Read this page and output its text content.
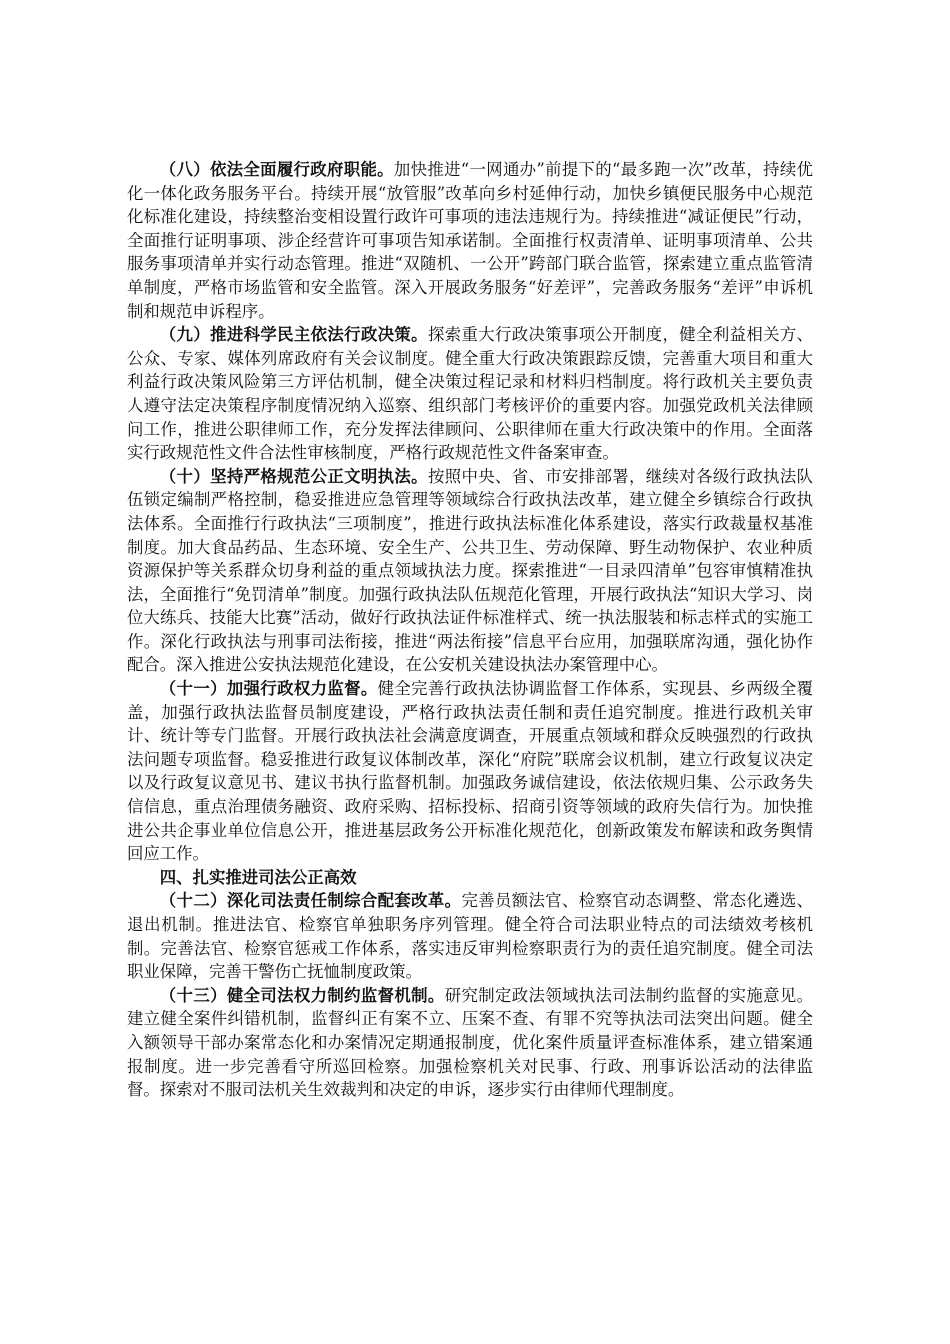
（八）依法全面履行政府职能。加快推进“一网通办”前提下的“最多跑一次”改革，持续优化一体化政务服务平台。持续开展“放管服”改革向乡村延伸行动，加快乡镇便民服务中心规范化标准化建设，持续整治变相设置行政许可事项的违法违规行为。持续推进“减证便民”行动，全面推行证明事项、涉企经营许可事项告知承诺制。全面推行权责清单、证明事项清单、公共服务事项清单并实行动态管理。推进“双随机、一公开”跨部门联合监管，探索建立重点监管清单制度，严格市场监管和安全监管。深入开展政务服务“好差评”，完善政务服务“差评”申诉机制和规范申诉程序。

（九）推进科学民主依法行政决策。探索重大行政决策事项公开制度，健全利益相关方、公众、专家、媒体列席政府有关会议制度。健全重大行政决策跟踪反馈，完善重大项目和重大利益行政决策风险第三方评估机制，健全决策过程记录和材料归档制度。将行政机关主要负责人遵守法定决策程序制度情况纳入巡察、组织部门考核评价的重要内容。加强党政机关法律顾问工作，推进公职律师工作，充分发挥法律顾问、公职律师在重大行政决策中的作用。全面落实行政规范性文件合法性审核制度，严格行政规范性文件备案审查。

（十）坚持严格规范公正文明执法。按照中央、省、市安排部署，继续对各级行政执法队伍锁定编制严格控制，稳妥推进应急管理等领域综合行政执法改革，建立健全乡镇综合行政执法体系。全面推行行政执法“三项制度”，推进行政执法标准化体系建设，落实行政裁量权基准制度。加大食品药品、生态环境、安全生产、公共卫生、劳动保障、野生动物保护、农业种质资源保护等关系群众切身利益的重点领域执法力度。探索推进“一目录四清单”包容审慎精准执法，全面推行“免罚清单”制度。加强行政执法队伍规范化管理，开展行政执法“知识大学习、岗位大练兵、技能大比赛”活动，做好行政执法证件标准样式、统一执法服装和标志样式的实施工作。深化行政执法与刑事司法衔接，推进“两法衔接”信息平台应用，加强联席沟通，强化协作配合。深入推进公安执法规范化建设，在公安机关建设执法办案管理中心。

（十一）加强行政权力监督。健全完善行政执法协调监督工作体系，实现县、乡两级全覆盖，加强行政执法监督员制度建设，严格行政执法责任制和责任追究制度。推进行政机关审计、统计等专门监督。开展行政执法社会满意度调查，开展重点领域和群众反映强烈的行政执法问题专项监督。稳妥推进行政复议体制改革，深化“府院”联席会议机制，建立行政复议决定以及行政复议意见书、建议书执行监督机制。加强政务诚信建设，依法依规归集、公示政务失信信息，重点治理债务融资、政府采购、招标投标、招商引资等领域的政府失信行为。加快推进公共企事业单位信息公开，推进基层政务公开标准化规范化，创新政策发布解读和政务舆情回应工作。

四、扎实推进司法公正高效

（十二）深化司法责任制综合配套改革。完善员额法官、检察官动态调整、常态化遴选、退出机制。推进法官、检察官单独职务序列管理。健全符合司法职业特点的司法绩效考核机制。完善法官、检察官惩戒工作体系，落实违反审判检察职责行为的责任追究制度。健全司法职业保障，完善干警伤亡抚恤制度政策。

（十三）健全司法权力制约监督机制。研究制定政法领域执法司法制约监督的实施意见。建立健全案件纠错机制，监督纠正有案不立、压案不查、有罪不究等执法司法突出问题。健全入额领导干部办案常态化和办案情况定期通报制度，优化案件质量评查标准体系，建立错案通报制度。进一步完善看守所巡回检察。加强检察机关对民事、行政、刑事诉讼活动的法律监督。探索对不服司法机关生效裁判和决定的申诉，逐步实行由律师代理制度。
